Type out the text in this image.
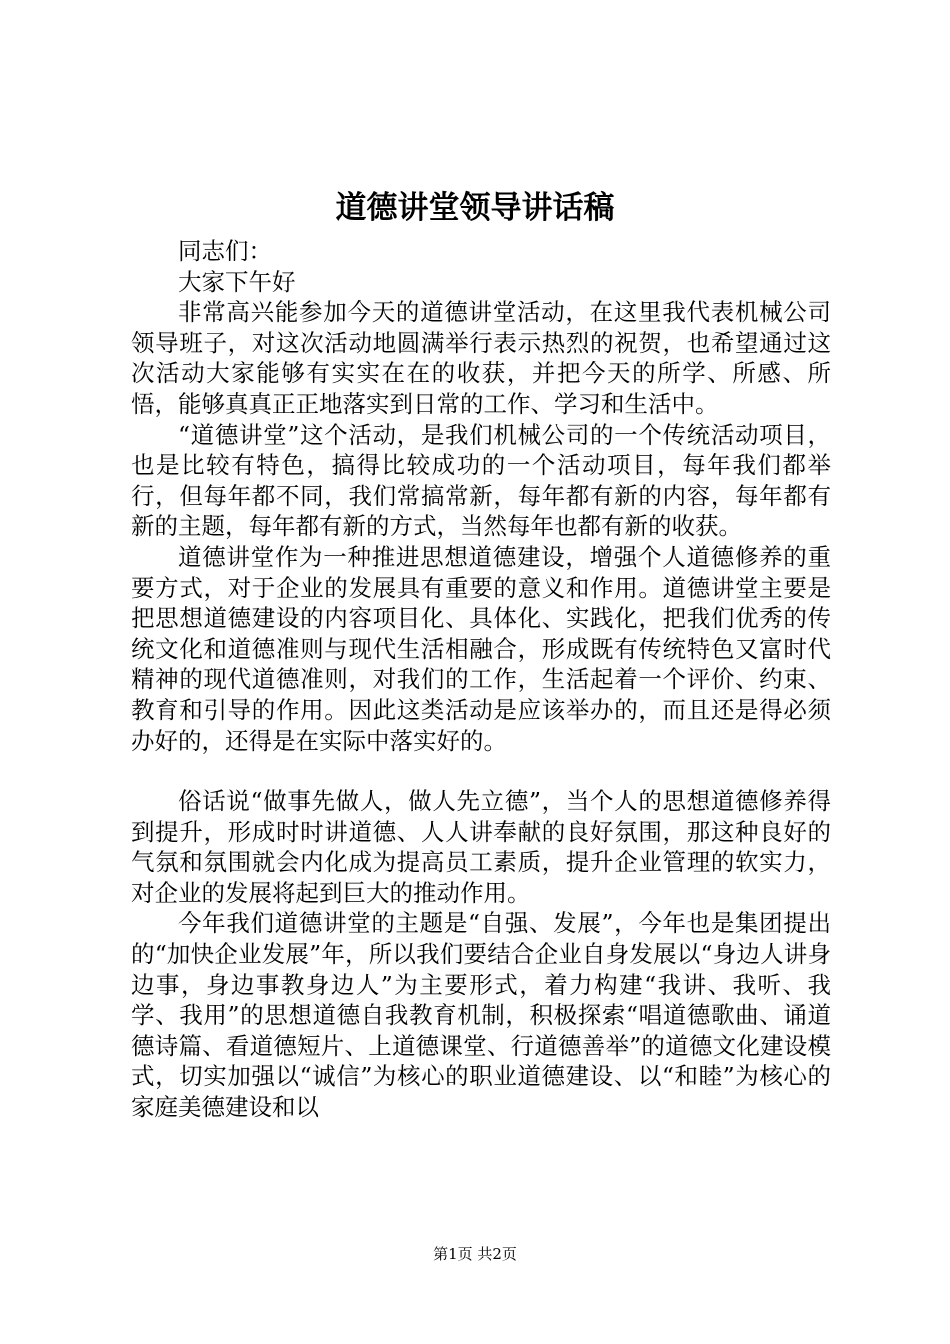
道德讲堂领导讲话稿

同志们：

大家下午好

非常高兴能参加今天的道德讲堂活动，在这里我代表机械公司领导班子，对这次活动地圆满举行表示热烈的祝贺，也希望通过这次活动大家能够有实实在在的收获，并把今天的所学、所感、所悟，能够真真正正地落实到日常的工作、学习和生活中。

“道德讲堂”这个活动，是我们机械公司的一个传统活动项目，也是比较有特色，搞得比较成功的一个活动项目，每年我们都举行，但每年都不同，我们常搞常新，每年都有新的内容，每年都有新的主题，每年都有新的方式，当然每年也都有新的收获。

道德讲堂作为一种推进思想道德建设，增强个人道德修养的重要方式，对于企业的发展具有重要的意义和作用。道德讲堂主要是把思想道德建设的内容项目化、具体化、实践化，把我们优秀的传统文化和道德准则与现代生活相融合，形成既有传统特色又富时代精神的现代道德准则，对我们的工作，生活起着一个评价、约束、教育和引导的作用。因此这类活动是应该举办的，而且还是得必须办好的，还得是在实际中落实好的。

俗话说“做事先做人，做人先立德”，当个人的思想道德修养得到提升，形成时时讲道德、人人讲奉献的良好氛围，那这种良好的气氛和氛围就会内化成为提高员工素质，提升企业管理的软实力，对企业的发展将起到巨大的推动作用。

今年我们道德讲堂的主题是“自强、发展”，今年也是集团提出的“加快企业发展”年，所以我们要结合企业自身发展以“身边人讲身边事，身边事教身边人”为主要形式，着力构建“我讲、我听、我学、我用”的思想道德自我教育机制，积极探索“唱道德歌曲、诵道德诗篇、看道德短片、上道德课堂、行道德善举”的道德文化建设模式，切实加强以“诚信”为核心的职业道德建设、以“和睦”为核心的家庭美德建设和以

第1页 共2页
